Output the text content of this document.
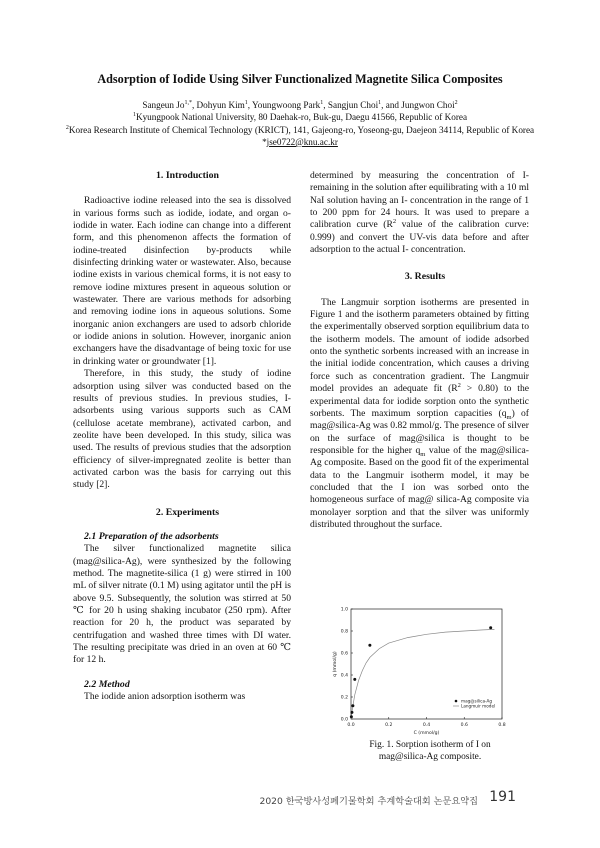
Adsorption of Iodide Using Silver Functionalized Magnetite Silica Composites
Sangeun $Jo^{1,*}$, Dohyun Kim$^1$, Youngwoong Park$^1$, Sangjun Choi$^1$, and Jungwon Choi$^2$
$^1$Kyungpook National University, 80 Daehak-ro, Buk-gu, Daegu 41566, Republic of Korea
$^2$Korea Research Institute of Chemical Technology (KRICT), 141, Gajeong-ro, Yoseong-gu, Daejeon 34114, Republic of Korea
*jse0722@knu.ac.kr

1. Introduction

Radioactive iodine released into the sea is dissolved in various forms such as iodide, iodate, and organ o-iodide in water. Each iodine can change into a different form, and this phenomenon affects the formation of iodine-treated disinfection by-products while disinfecting drinking water or wastewater. Also, because iodine exists in various chemical forms, it is not easy to remove iodine mixtures present in aqueous solution or wastewater. There are various methods for adsorbing and removing iodine ions in aqueous solutions. Some inorganic anion exchangers are used to adsorb chloride or iodide anions in solution. However, inorganic anion exchangers have the disadvantage of being toxic for use in drinking water or groundwater [1].

Therefore, in this study, the study of iodine adsorption using silver was conducted based on the results of previous studies. In previous studies, I-adsorbents using various supports such as CAM (cellulose acetate membrane), activated carbon, and zeolite have been developed. In this study, silica was used. The results of previous studies that the adsorption efficiency of silver-impregnated zeolite is better than activated carbon was the basis for carrying out this study [2].

2. Experiments

2.1 Preparation of the adsorbents

The silver functionalized magnetite silica (mag@silica-Ag), were synthesized by the following method. The magnetite-silica (1 g) were stirred in 100 mL of silver nitrate (0.1 M) using agitator until the pH is above 9.5. Subsequently, the solution was stirred at 50 ℃ for 20 h using shaking incubator (250 rpm). After reaction for 20 h, the product was separated by centrifugation and washed three times with DI water. The resulting precipitate was dried in an oven at 60 ℃ for 12 h.

2.2 Method

The iodide anion adsorption isotherm was

determined by measuring the concentration of I- remaining in the solution after equilibrating with a 10 ml NaI solution having an I- concentration in the range of 1 to 200 ppm for 24 hours. It was used to prepare a calibration curve ($R^2$ value of the calibration curve: 0.999) and convert the UV-vis data before and after adsorption to the actual I- concentration.

3. Results

The Langmuir sorption isotherms are presented in Figure 1 and the isotherm parameters obtained by fitting the experimentally observed sorption equilibrium data to the isotherm models. The amount of iodide adsorbed onto the synthetic sorbents increased with an increase in the initial iodide concentration, which causes a driving force such as concentration gradient. The Langmuir model provides an adequate fit $(R^2 > 0.80)$ to the experimental data for iodide sorption onto the synthetic sorbents. The maximum sorption capacities $(q_m)$ of mag@silica-Ag was 0.82 mmol/g. The presence of silver on the surface of mag@silica is thought to be responsible for the higher $q_m$ value of the mag@silica-Ag composite. Based on the good fit of the experimental data to the Langmuir isotherm model, it may be concluded that the I ion was sorbed onto the homogeneous surface of mag@ silica-Ag composite via monolayer sorption and that the silver was uniformly distributed throughout the surface.

0.0	0.2	0.4	0.6	0.8
0.0
0.2
0.4
0.6
0.8
1.0
C (mmol/g)
q (mmol/g)
mag@silica-Ag
Langmuir model
Fig. 1. Sorption isotherm of I on
mag@silica-Ag composite.
2020 한국방사성폐기물학회 추계학술대회 논문요약집 191
